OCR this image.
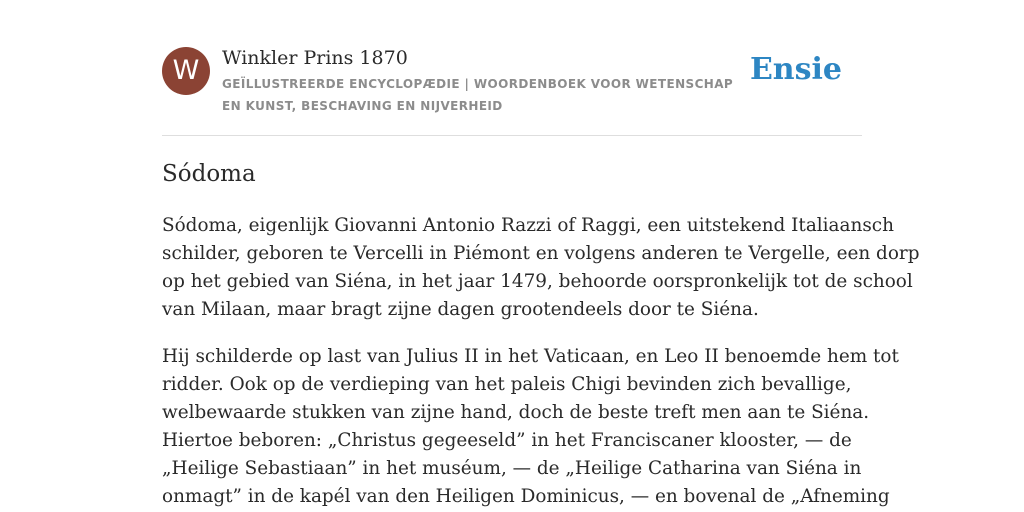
W	Winkler Prins 1870
GEÏLLUSTREERDE ENCYCLOPÆDIE | WOORDENBOEK VOOR WETENSCHAP EN KUNST, BESCHAVING EN NIJVERHEID
Ensie
Sódoma

Sódoma, eigenlijk Giovanni Antonio Razzi of Raggi, een uitstekend Italiaansch
schilder, geboren te Vercelli in Piémont en volgens anderen te Vergelle, een dorp
op het gebied van Siéna, in het jaar 1479, behoorde oorspronkelijk tot de school
van Milaan, maar bragt zijne dagen grootendeels door te Siéna.

Hij schilderde op last van Julius II in het Vaticaan, en Leo II benoemde hem tot
ridder. Ook op de verdieping van het paleis Chigi bevinden zich bevallige,
welbewaarde stukken van zijne hand, doch de beste treft men aan te Siéna.
Hiertoe beboren: „Christus gegeeseld” in het Franciscaner klooster, — de
„Heilige Sebastiaan” in het muséum, — de „Heilige Catharina van Siéna in
onmagt” in de kapél van den Heiligen Dominicus, — en bovenal de „Afneming
